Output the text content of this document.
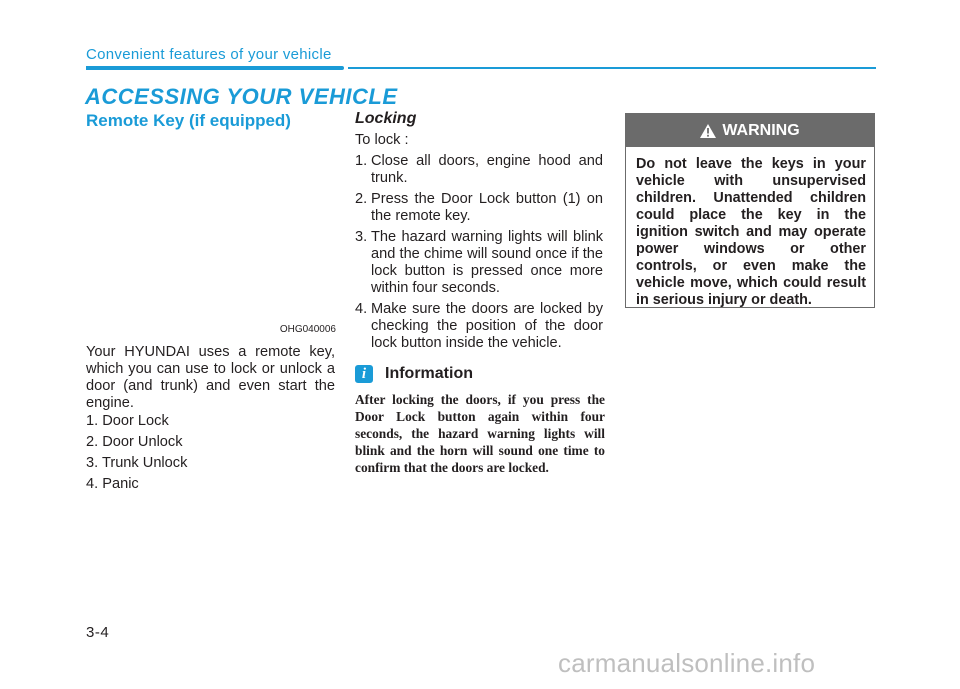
Convenient features of your vehicle
ACCESSING YOUR VEHICLE
Remote Key (if equipped)
OHG040006
Your HYUNDAI uses a remote key, which you can use to lock or unlock a door (and trunk) and even start the engine.
1. Door Lock
2. Door Unlock
3. Trunk Unlock
4. Panic
Locking
To lock :
1. Close all doors, engine hood and trunk.
2. Press the Door Lock button (1) on the remote key.
3. The hazard warning lights will blink and the chime will sound once if the lock button is pressed once more within four seconds.
4. Make sure the doors are locked by checking the position of the door lock button inside the vehicle.
i	Information
After locking the doors, if you press the Door Lock button again within four seconds, the hazard warning lights will blink and the horn will sound one time to confirm that the doors are locked.
WARNING
Do not leave the keys in your vehicle with unsupervised children. Unattended children could place the key in the ignition switch and may operate power windows or other controls, or even make the vehicle move, which could result in serious injury or death.
3-4
carmanualsonline.info
